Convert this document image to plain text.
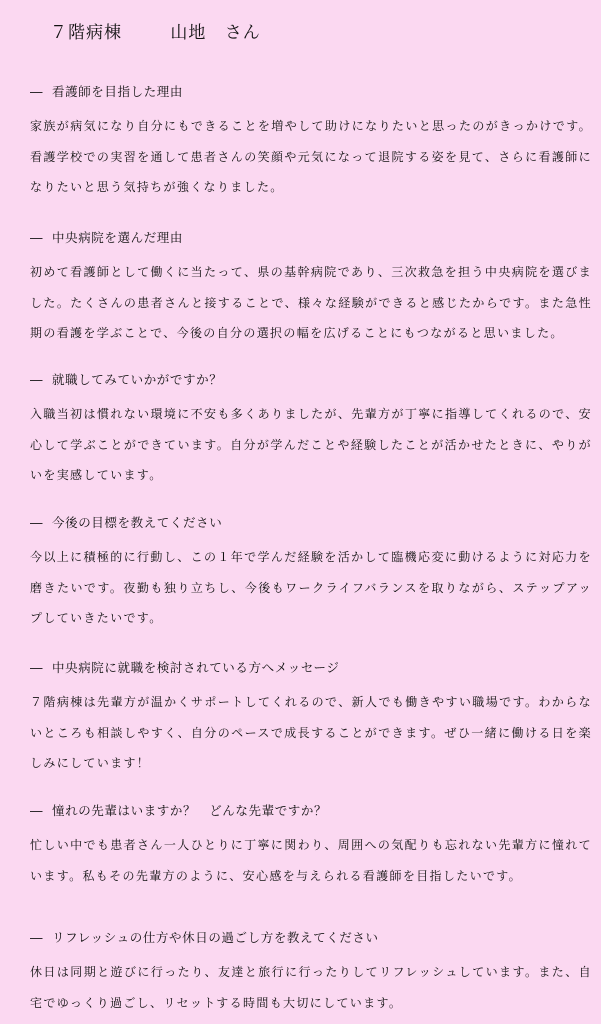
７階病棟	山地 さん

― 看護師を目指した理由

家族が病気になり自分にもできることを増やして助けになりたいと思ったのがきっかけです。看護学校での実習を通して患者さんの笑顔や元気になって退院する姿を見て、さらに看護師になりたいと思う気持ちが強くなりました。

― 中央病院を選んだ理由

初めて看護師として働くに当たって、県の基幹病院であり、三次救急を担う中央病院を選びました。たくさんの患者さんと接することで、様々な経験ができると感じたからです。また急性期の看護を学ぶことで、今後の自分の選択の幅を広げることにもつながると思いました。

― 就職してみていかがですか？

入職当初は慣れない環境に不安も多くありましたが、先輩方が丁寧に指導してくれるので、安心して学ぶことができています。自分が学んだことや経験したことが活かせたときに、やりがいを実感しています。

― 今後の目標を教えてください

今以上に積極的に行動し、この１年で学んだ経験を活かして臨機応変に動けるように対応力を磨きたいです。夜勤も独り立ちし、今後もワークライフバランスを取りながら、ステップアップしていきたいです。

― 中央病院に就職を検討されている方へメッセージ

７階病棟は先輩方が温かくサポートしてくれるので、新人でも働きやすい職場です。わからないところも相談しやすく、自分のペースで成長することができます。ぜひ一緒に働ける日を楽しみにしています！

― 憧れの先輩はいますか？　どんな先輩ですか？

忙しい中でも患者さん一人ひとりに丁寧に関わり、周囲への気配りも忘れない先輩方に憧れています。私もその先輩方のように、安心感を与えられる看護師を目指したいです。

― リフレッシュの仕方や休日の過ごし方を教えてください

休日は同期と遊びに行ったり、友達と旅行に行ったりしてリフレッシュしています。また、自宅でゆっくり過ごし、リセットする時間も大切にしています。
